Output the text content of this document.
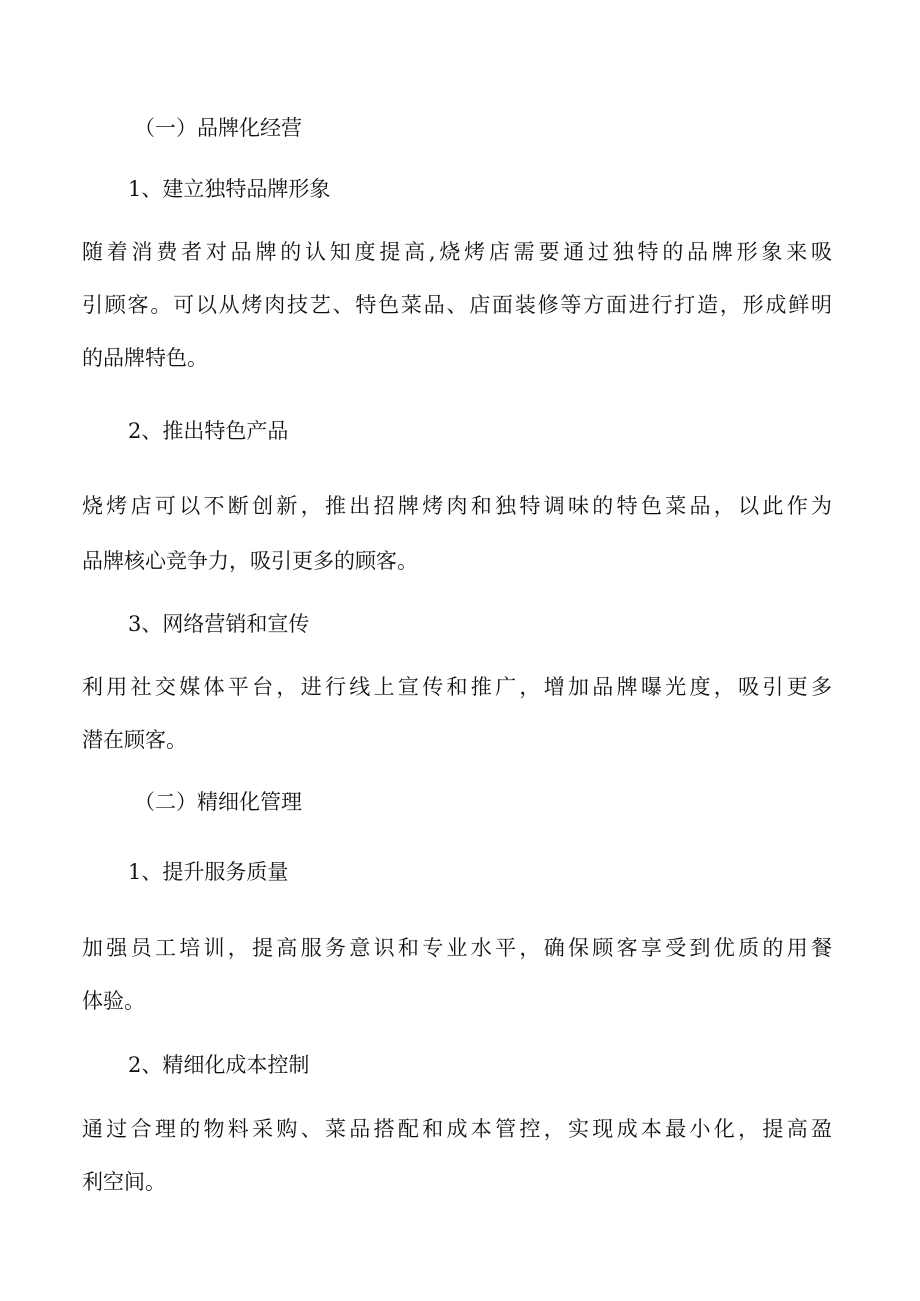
（一）品牌化经营
1、建立独特品牌形象
随着消费者对品牌的认知度提高,烧烤店需要通过独特的品牌形象来吸
引顾客。可以从烤肉技艺、特色菜品、店面装修等方面进行打造，形成鲜明
的品牌特色。
2、推出特色产品
烧烤店可以不断创新，推出招牌烤肉和独特调味的特色菜品，以此作为
品牌核心竞争力，吸引更多的顾客。
3、网络营销和宣传
利用社交媒体平台，进行线上宣传和推广，增加品牌曝光度，吸引更多
潜在顾客。
（二）精细化管理
1、提升服务质量
加强员工培训，提高服务意识和专业水平，确保顾客享受到优质的用餐
体验。
2、精细化成本控制
通过合理的物料采购、菜品搭配和成本管控，实现成本最小化，提高盈
利空间。
